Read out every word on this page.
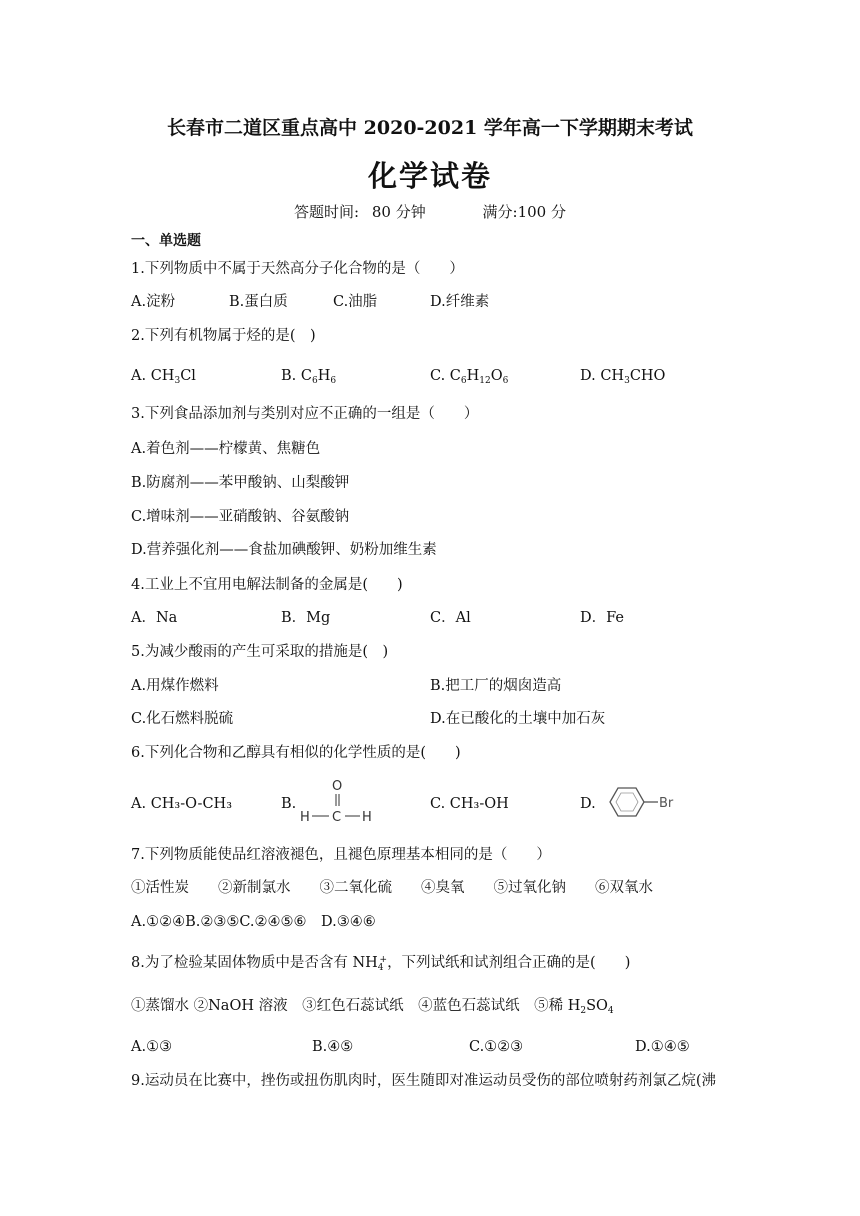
长春市二道区重点高中 2020-2021 学年高一下学期期末考试
化学试卷
答题时间: 80 分钟	满分:100 分
一、单选题
1.下列物质中不属于天然高分子化合物的是（　　）
A.淀粉	B.蛋白质	C.油脂	D.纤维素
2.下列有机物属于烃的是(　)
A. $CH_3Cl$	B. $C_6H_6$	C. $C_6H_{12}O_6$	D. $CH_3CHO$
3.下列食品添加剂与类别对应不正确的一组是（　　）
A.着色剂——柠檬黄、焦糖色
B.防腐剂——苯甲酸钠、山梨酸钾
C.增味剂——亚硝酸钠、谷氨酸钠
D.营养强化剂——食盐加碘酸钾、奶粉加维生素
4.工业上不宜用电解法制备的金属是(　　)
A．Na	B．Mg	C．Al	D．Fe
5.为减少酸雨的产生可采取的措施是(　)
A.用煤作燃料	B.把工厂的烟囱造高
C.化石燃料脱硫	D.在已酸化的土壤中加石灰
6.下列化合物和乙醇具有相似的化学性质的是(　　)
A. CH₃-O-CH₃	B.
O
H C H
C. CH₃-OH	D.	Br
7.下列物质能使品红溶液褪色，且褪色原理基本相同的是（　　）
①活性炭　　②新制氯水　　③二氧化硫　　④臭氧　　⑤过氧化钠　　⑥双氧水
A.①②④B.②③⑤C.②④⑤⑥　D.③④⑥
8.为了检验某固体物质中是否含有 $NH_4^+$，下列试纸和试剂组合正确的是(　　)
①蒸馏水 ②NaOH 溶液　③红色石蕊试纸　④蓝色石蕊试纸　⑤稀 $H_2SO_4$
A.①③	B.④⑤	C.①②③	D.①④⑤
9.运动员在比赛中，挫伤或扭伤肌肉时，医生随即对准运动员受伤的部位喷射药剂氯乙烷(沸
